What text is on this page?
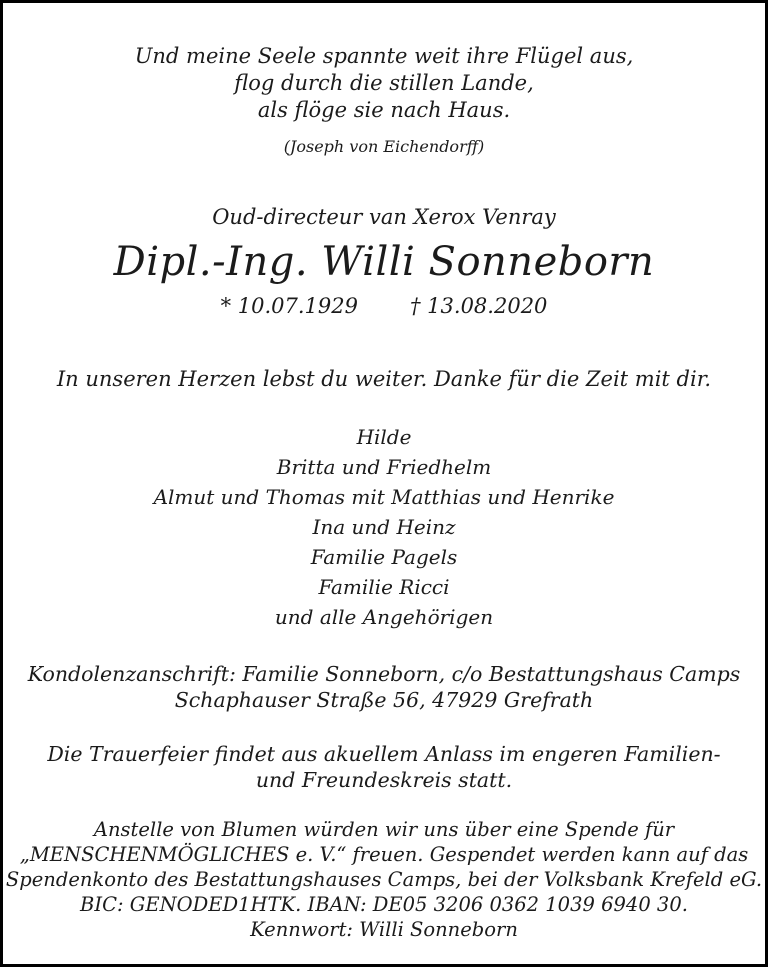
Und meine Seele spannte weit ihre Flügel aus,
flog durch die stillen Lande,
als flöge sie nach Haus.
(Joseph von Eichendorff)
Oud-directeur van Xerox Venray
Dipl.-Ing. Willi Sonneborn
* 10.07.1929 † 13.08.2020
In unseren Herzen lebst du weiter. Danke für die Zeit mit dir.
Hilde
Britta und Friedhelm
Almut und Thomas mit Matthias und Henrike
Ina und Heinz
Familie Pagels
Familie Ricci
und alle Angehörigen
Kondolenzanschrift: Familie Sonneborn, c/o Bestattungshaus Camps
Schaphauser Straße 56, 47929 Grefrath
Die Trauerfeier findet aus akuellem Anlass im engeren Familien-
und Freundeskreis statt.
Anstelle von Blumen würden wir uns über eine Spende für
„MENSCHENMÖGLICHES e. V.“ freuen. Gespendet werden kann auf das
Spendenkonto des Bestattungshauses Camps, bei der Volksbank Krefeld eG.
BIC: GENODED1HTK. IBAN: DE05 3206 0362 1039 6940 30.
Kennwort: Willi Sonneborn
